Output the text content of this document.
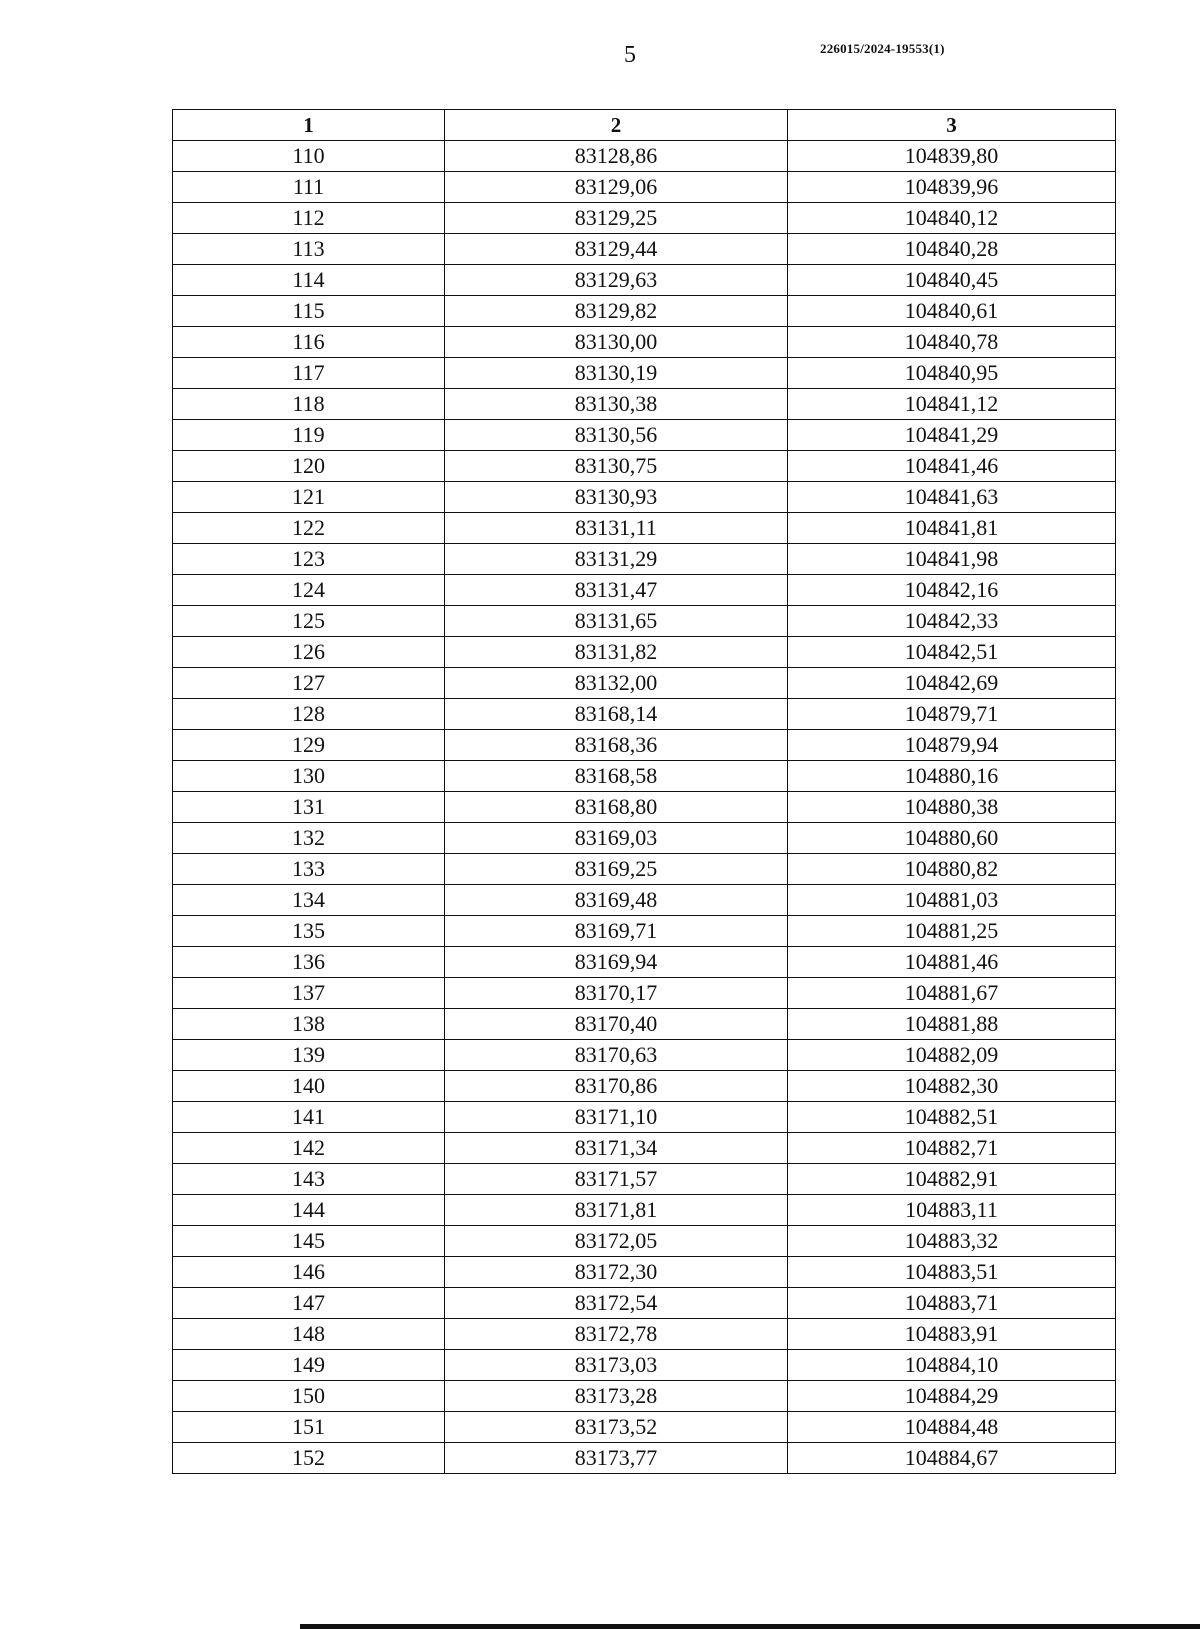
5	226015/2024-19553(1)
1	2	3
110	83128,86	104839,80
111	83129,06	104839,96
112	83129,25	104840,12
113	83129,44	104840,28
114	83129,63	104840,45
115	83129,82	104840,61
116	83130,00	104840,78
117	83130,19	104840,95
118	83130,38	104841,12
119	83130,56	104841,29
120	83130,75	104841,46
121	83130,93	104841,63
122	83131,11	104841,81
123	83131,29	104841,98
124	83131,47	104842,16
125	83131,65	104842,33
126	83131,82	104842,51
127	83132,00	104842,69
128	83168,14	104879,71
129	83168,36	104879,94
130	83168,58	104880,16
131	83168,80	104880,38
132	83169,03	104880,60
133	83169,25	104880,82
134	83169,48	104881,03
135	83169,71	104881,25
136	83169,94	104881,46
137	83170,17	104881,67
138	83170,40	104881,88
139	83170,63	104882,09
140	83170,86	104882,30
141	83171,10	104882,51
142	83171,34	104882,71
143	83171,57	104882,91
144	83171,81	104883,11
145	83172,05	104883,32
146	83172,30	104883,51
147	83172,54	104883,71
148	83172,78	104883,91
149	83173,03	104884,10
150	83173,28	104884,29
151	83173,52	104884,48
152	83173,77	104884,67
